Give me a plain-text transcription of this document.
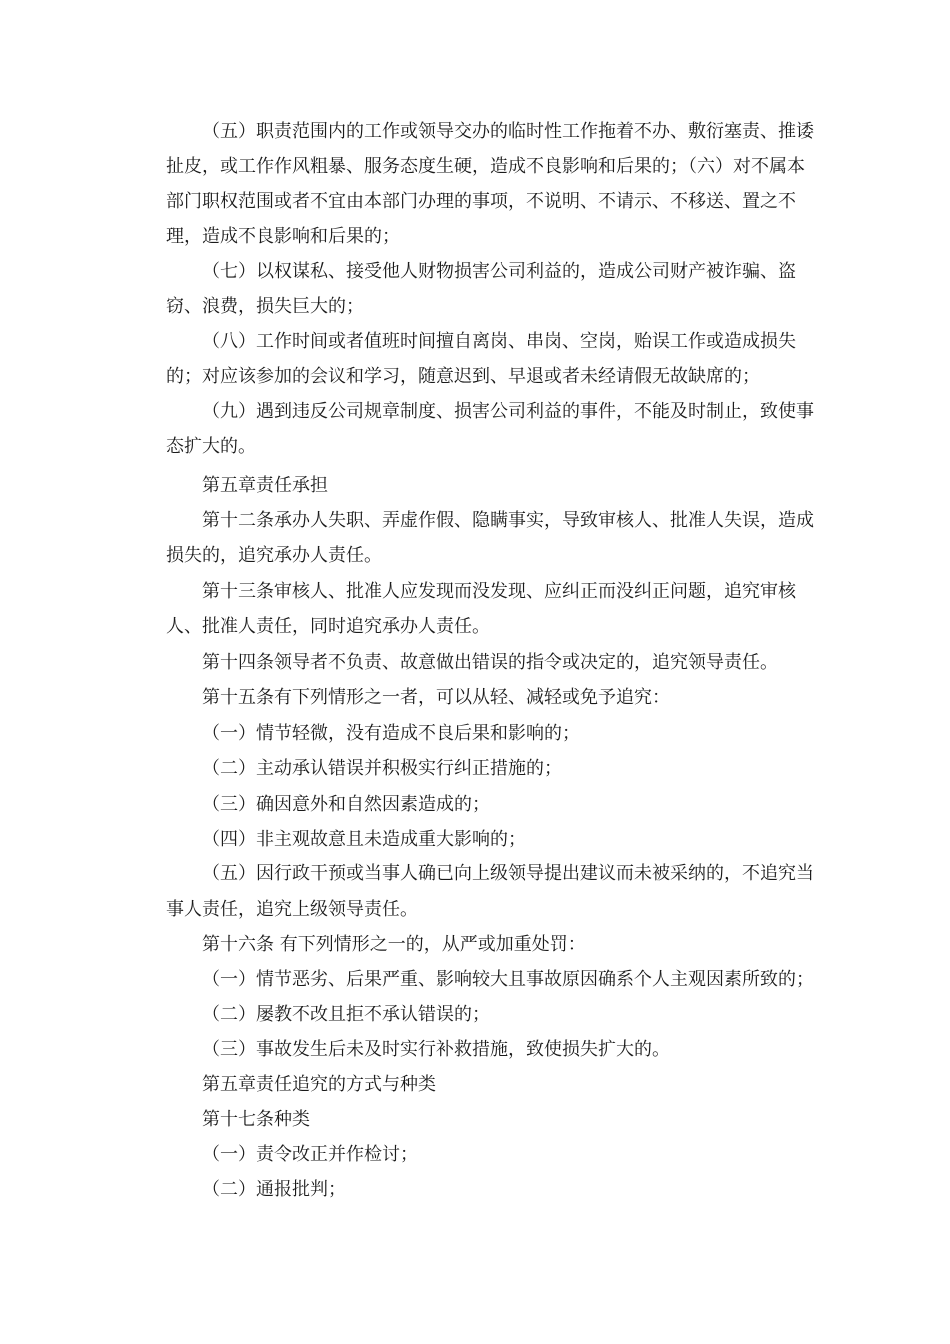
（五）职责范围内的工作或领导交办的临时性工作拖着不办、敷衍塞责、推诿
扯皮，或工作作风粗暴、服务态度生硬，造成不良影响和后果的；（六）对不属本
部门职权范围或者不宜由本部门办理的事项，不说明、不请示、不移送、置之不
理，造成不良影响和后果的；
（七）以权谋私、接受他人财物损害公司利益的，造成公司财产被诈骗、盗
窃、浪费，损失巨大的；
（八）工作时间或者值班时间擅自离岗、串岗、空岗，贻误工作或造成损失
的；对应该参加的会议和学习，随意迟到、早退或者未经请假无故缺席的；
（九）遇到违反公司规章制度、损害公司利益的事件，不能及时制止，致使事
态扩大的。
第五章责任承担
第十二条承办人失职、弄虚作假、隐瞒事实，导致审核人、批准人失误，造成
损失的，追究承办人责任。
第十三条审核人、批准人应发现而没发现、应纠正而没纠正问题，追究审核
人、批准人责任，同时追究承办人责任。
第十四条领导者不负责、故意做出错误的指令或决定的，追究领导责任。
第十五条有下列情形之一者，可以从轻、减轻或免予追究：
（一）情节轻微，没有造成不良后果和影响的；
（二）主动承认错误并积极实行纠正措施的；
（三）确因意外和自然因素造成的；
（四）非主观故意且未造成重大影响的；
（五）因行政干预或当事人确已向上级领导提出建议而未被采纳的，不追究当
事人责任，追究上级领导责任。
第十六条 有下列情形之一的，从严或加重处罚：
（一）情节恶劣、后果严重、影响较大且事故原因确系个人主观因素所致的；
（二）屡教不改且拒不承认错误的；
（三）事故发生后未及时实行补救措施，致使损失扩大的。
第五章责任追究的方式与种类
第十七条种类
（一）责令改正并作检讨；
（二）通报批判；
